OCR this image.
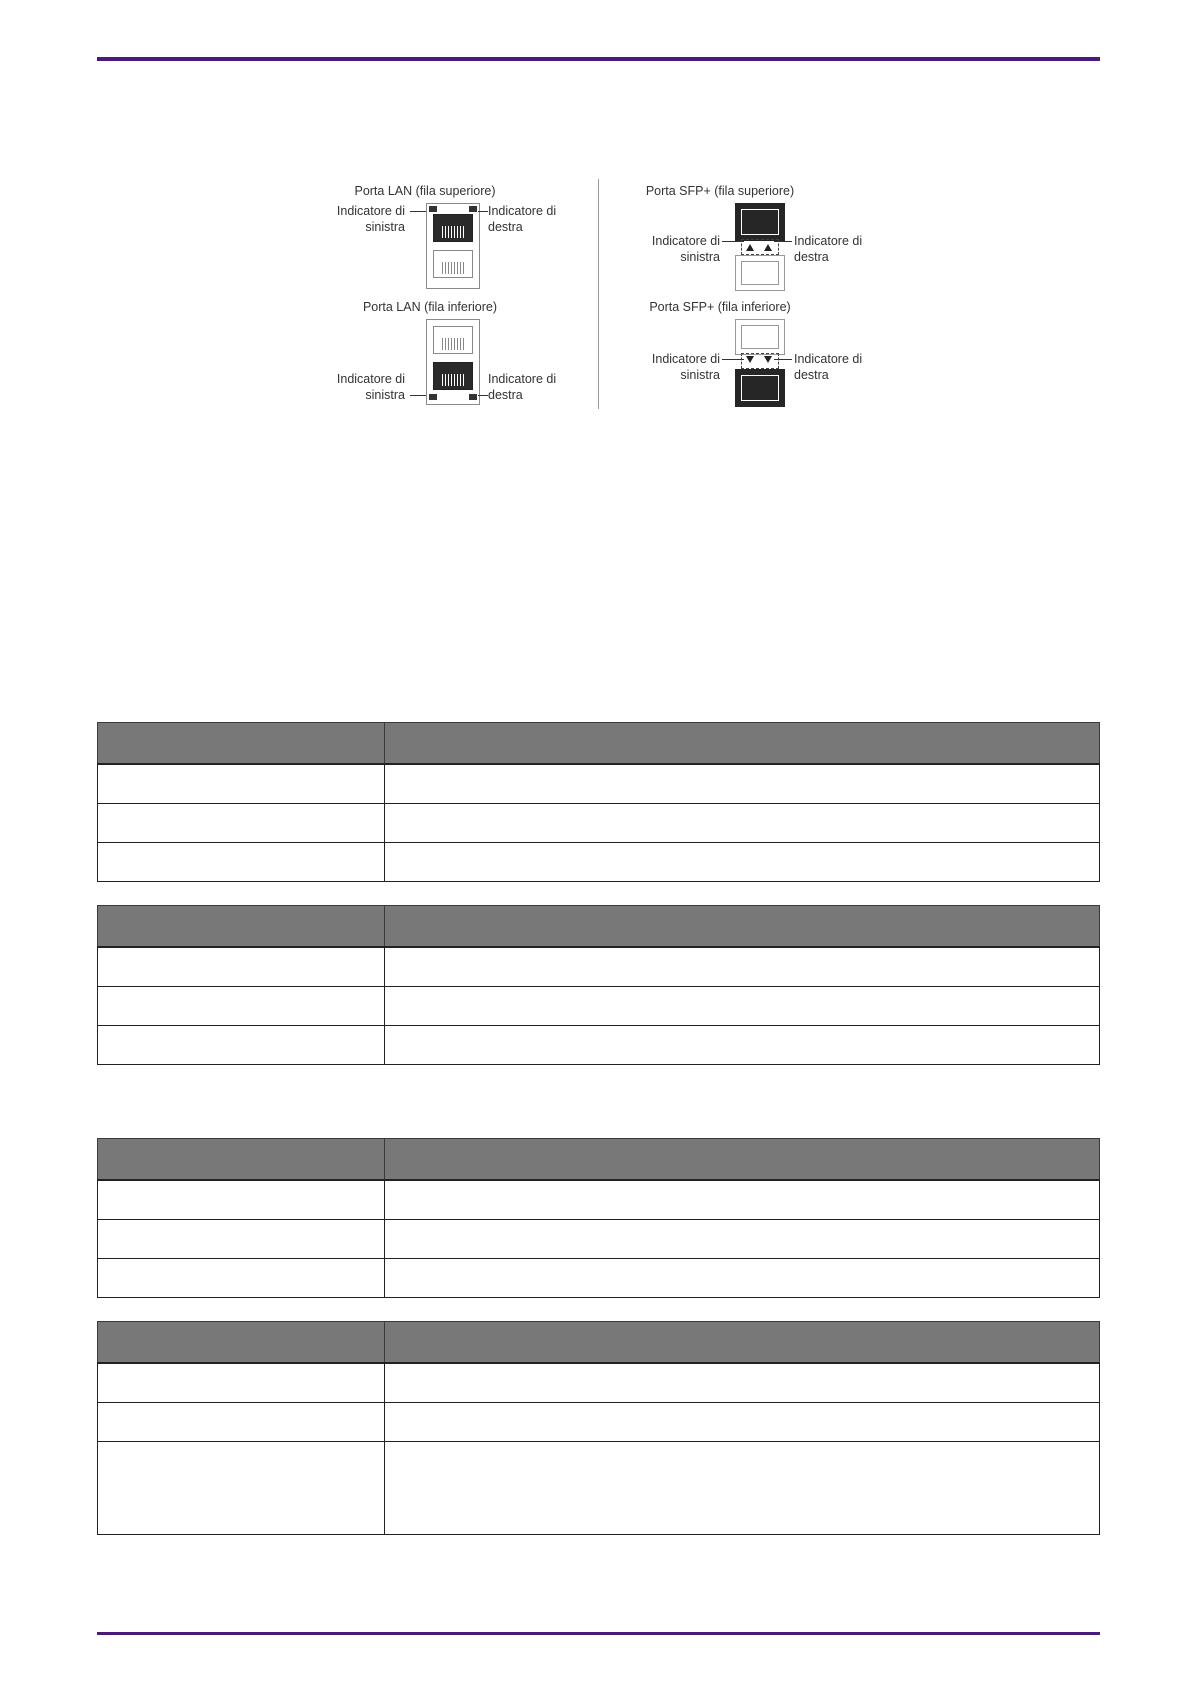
Porta LAN (fila superiore)
Indicatore di
sinistra
Indicatore di
destra
Porta LAN (fila inferiore)
Indicatore di
sinistra
Indicatore di
destra
Porta SFP+ (fila superiore)
Indicatore di
sinistra
Indicatore di
destra
Porta SFP+ (fila inferiore)
Indicatore di
sinistra
Indicatore di
destra
